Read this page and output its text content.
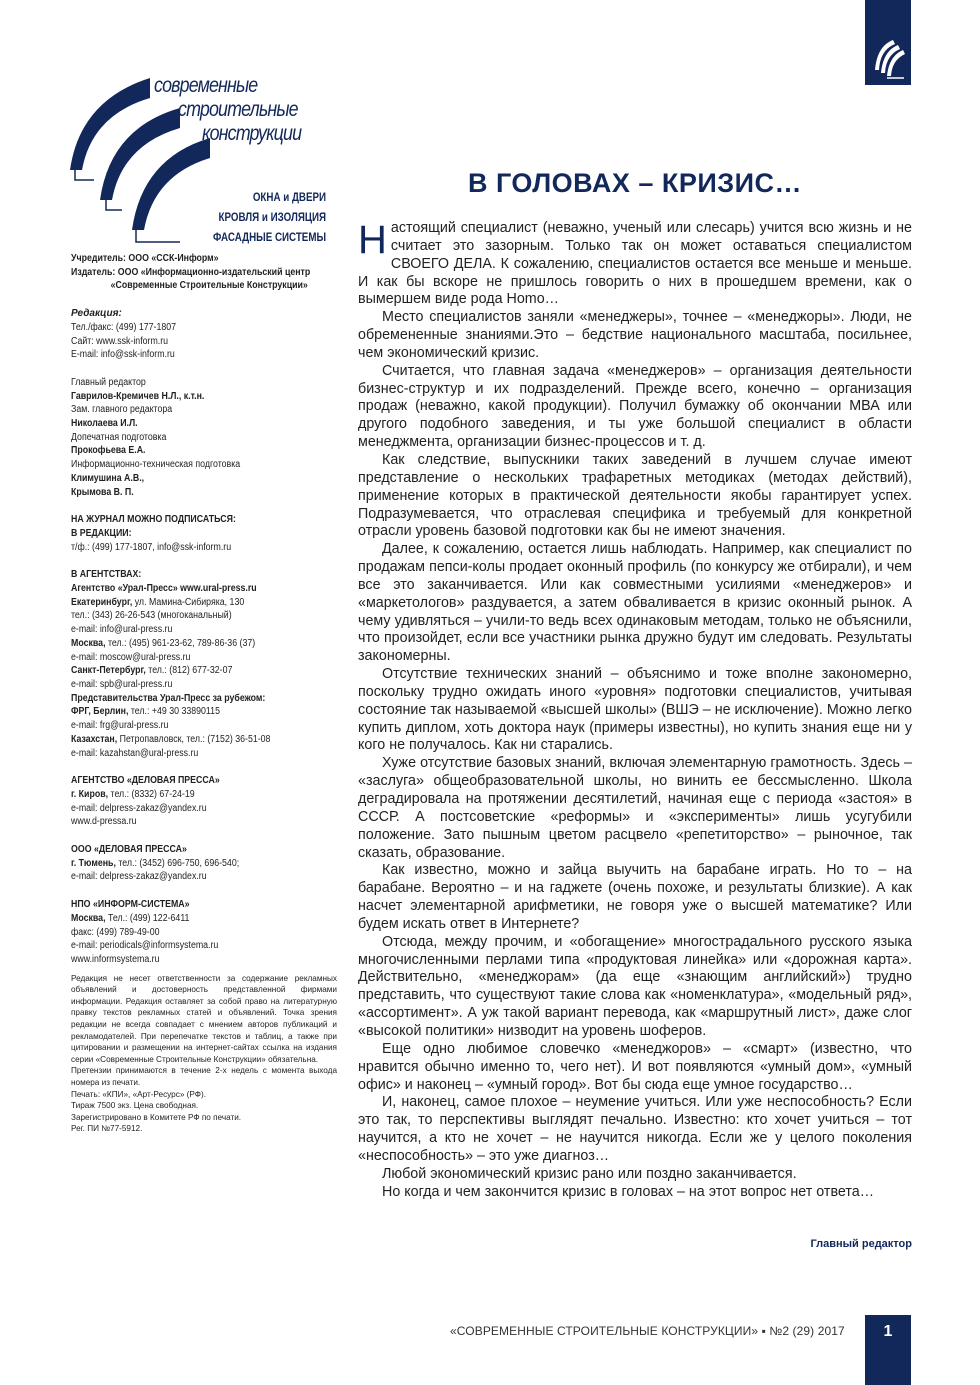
современные
строительные
конструкции
ОКНА и ДВЕРИ
КРОВЛЯ и ИЗОЛЯЦИЯ
ФАСАДНЫЕ СИСТЕМЫ

Учредитель: ООО «ССК-Информ»

Издатель: ООО «Информационно-издательский центр

«Современные Строительные Конструкции»

Редакция:

Тел./факс: (499) 177-1807

Сайт: www.ssk-inform.ru

E-mail: info@ssk-inform.ru

Главный редактор

Гаврилов-Кремичев Н.Л., к.т.н.

Зам. главного редактора

Николаева И.Л.

Допечатная подготовка

Прокофьева Е.А.

Информационно-техническая подготовка

Климушина А.В.,

Крымова В. П.

НА ЖУРНАЛ МОЖНО ПОДПИСАТЬСЯ:

В РЕДАКЦИИ:

т/ф.: (499) 177-1807, info@ssk-inform.ru

В АГЕНТСТВАХ:

Агентство «Урал-Пресс» www.ural-press.ru

Екатеринбург, ул. Мамина-Сибиряка, 130

тел.: (343) 26-26-543 (многоканальный)

e-mail: info@ural-press.ru

Москва, тел.: (495) 961-23-62, 789-86-36 (37)

e-mail: moscow@ural-press.ru

Санкт-Петербург, тел.: (812) 677-32-07

e-mail: spb@ural-press.ru

Представительства Урал-Пресс за рубежом:

ФРГ, Берлин, тел.: +49 30 33890115

e-mail: frg@ural-press.ru

Казахстан, Петропавловск, тел.: (7152) 36-51-08

e-mail: kazahstan@ural-press.ru

АГЕНТСТВО «ДЕЛОВАЯ ПРЕССА»

г. Киров, тел.: (8332) 67-24-19

e-mail: delpress-zakaz@yandex.ru

www.d-pressa.ru

ООО «ДЕЛОВАЯ ПРЕССА»

г. Тюмень, тел.: (3452) 696-750, 696-540;

e-mail: delpress-zakaz@yandex.ru

НПО «ИНФОРМ-СИСТЕМА»

Москва, Тел.: (499) 122-6411

факс: (499) 789-49-00

e-mail: periodicals@informsystema.ru

www.informsystema.ru

Редакция не несет ответственности за содержание рекламных объявлений и достоверность представленной фирмами информации. Редакция оставляет за собой право на литературную правку текстов рекламных статей и объявлений. Точка зрения редакции не всегда совпадает с мнением авторов публикаций и рекламодателей. При перепечатке текстов и таблиц, а также при цитировании и размещении на интернет-сайтах ссылка на издания серии «Современные Строительные Конструкции» обязательна.

Претензии принимаются в течение 2-х недель с момента выхода номера из печати.

Печать: «КПИ», «Арт-Ресурс» (РФ).

Тираж 7500 экз. Цена свободная.

Зарегистрировано в Комитете РФ по печати.

Рег. ПИ №77-5912.

В ГОЛОВАХ – КРИЗИС…

Настоящий специалист (неважно, ученый или слесарь) учится всю жизнь и не считает это зазорным. Только так он может оставаться специалистом СВОЕГО ДЕЛА. К сожалению, специалистов остается все меньше и меньше. И как бы вскоре не пришлось говорить о них в прошедшем времени, как о вымершем виде рода Homo…

Место специалистов заняли «менеджеры», точнее – «менеджоры». Люди, не обремененные знаниями.Это – бедствие национального масштаба, посильнее, чем экономический кризис.

Считается, что главная задача «менеджеров» – организация деятельности бизнес-структур и их подразделений. Прежде всего, конечно – организация продаж (неважно, какой продукции). Получил бумажку об окончании МВА или другого подобного заведения, и ты уже большой специалист в области менеджмента, организации бизнес-процессов и т. д.

Как следствие, выпускники таких заведений в лучшем случае имеют представление о нескольких трафаретных методиках (методах действий), применение которых в практической деятельности якобы гарантирует успех. Подразумевается, что отраслевая специфика и требуемый для конкретной отрасли уровень базовой подготовки как бы не имеют значения.

Далее, к сожалению, остается лишь наблюдать. Например, как специалист по продажам пепси-колы продает оконный профиль (по конкурсу же отбирали), и чем все это заканчивается. Или как совместными усилиями «менеджеров» и «маркетологов» раздувается, а затем обваливается в кризис оконный рынок. А чему удивляться – учили-то ведь всех одинаковым методам, только не объяснили, что произойдет, если все участники рынка дружно будут им следовать. Результаты закономерны.

Отсутствие технических знаний – объяснимо и тоже вполне закономерно, поскольку трудно ожидать иного «уровня» подготовки специалистов, учитывая состояние так называемой «высшей школы» (ВШЭ – не исключение). Можно легко купить диплом, хоть доктора наук (примеры известны), но купить знания еще ни у кого не получалось. Как ни старались.

Хуже отсутствие базовых знаний, включая элементарную грамотность. Здесь – «заслуга» общеобразовательной школы, но винить ее бессмысленно. Школа деградировала на протяжении десятилетий, начиная еще с периода «застоя» в СССР. А постсоветские «реформы» и «эксперименты» лишь усугубили положение. Зато пышным цветом расцвело «репетиторство» – рыночное, так сказать, образование.

Как известно, можно и зайца выучить на барабане играть. Но то – на барабане. Вероятно – и на гаджете (очень похоже, и результаты близкие). А как насчет элементарной арифметики, не говоря уже о высшей математике? Или будем искать ответ в Интернете?

Отсюда, между прочим, и «обогащение» многострадального русского языка многочисленными перлами типа «продуктовая линейка» или «дорожная карта». Действительно, «менеджорам» (да еще «знающим английский») трудно представить, что существуют такие слова как «номенклатура», «модельный ряд», «ассортимент». А уж такой вариант перевода, как «маршрутный лист», даже слог «высокой политики» низводит на уровень шоферов.

Еще одно любимое словечко «менеджоров» – «смарт» (известно, что нравится обычно именно то, чего нет). И вот появляются «умный дом», «умный офис» и наконец – «умный город». Вот бы сюда еще умное государство…

И, наконец, самое плохое – неумение учиться. Или уже неспособность? Если это так, то перспективы выглядят печально. Известно: кто хочет учиться – тот научится, а кто не хочет – не научится никогда. Если же у целого поколения «неспособность» – это уже диагноз…

Любой экономический кризис рано или поздно заканчивается.

Но когда и чем закончится кризис в головах – на этот вопрос нет ответа…

Главный редактор
«СОВРЕМЕННЫЕ СТРОИТЕЛЬНЫЕ КОНСТРУКЦИИ» ▪ №2 (29) 2017	1
